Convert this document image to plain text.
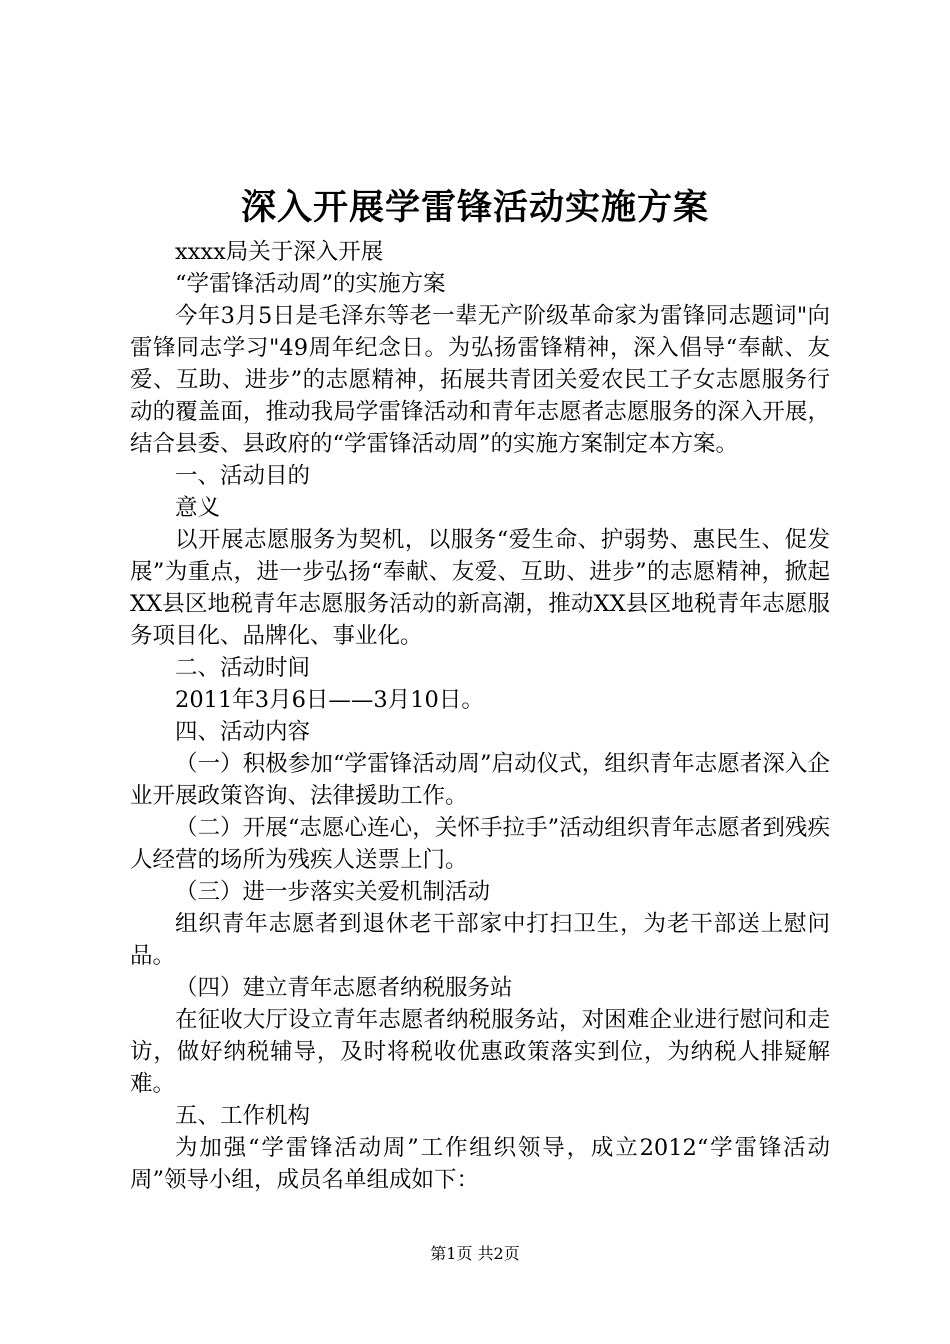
深入开展学雷锋活动实施方案

xxxx局关于深入开展

“学雷锋活动周”的实施方案

今年3月5日是毛泽东等老一辈无产阶级革命家为雷锋同志题词"向雷锋同志学习"49周年纪念日。为弘扬雷锋精神，深入倡导“奉献、友爱、互助、进步”的志愿精神，拓展共青团关爱农民工子女志愿服务行动的覆盖面，推动我局学雷锋活动和青年志愿者志愿服务的深入开展，结合县委、县政府的“学雷锋活动周”的实施方案制定本方案。

一、活动目的

意义

以开展志愿服务为契机，以服务“爱生命、护弱势、惠民生、促发展”为重点，进一步弘扬“奉献、友爱、互助、进步”的志愿精神，掀起XX县区地税青年志愿服务活动的新高潮，推动XX县区地税青年志愿服务项目化、品牌化、事业化。

二、活动时间

2011年3月6日——3月10日。

四、活动内容

（一）积极参加“学雷锋活动周”启动仪式，组织青年志愿者深入企业开展政策咨询、法律援助工作。

（二）开展“志愿心连心，关怀手拉手”活动组织青年志愿者到残疾人经营的场所为残疾人送票上门。

（三）进一步落实关爱机制活动

组织青年志愿者到退休老干部家中打扫卫生，为老干部送上慰问品。

（四）建立青年志愿者纳税服务站

在征收大厅设立青年志愿者纳税服务站，对困难企业进行慰问和走访，做好纳税辅导，及时将税收优惠政策落实到位，为纳税人排疑解难。

五、工作机构

为加强“学雷锋活动周”工作组织领导，成立2012“学雷锋活动周”领导小组，成员名单组成如下：

第1页 共2页
